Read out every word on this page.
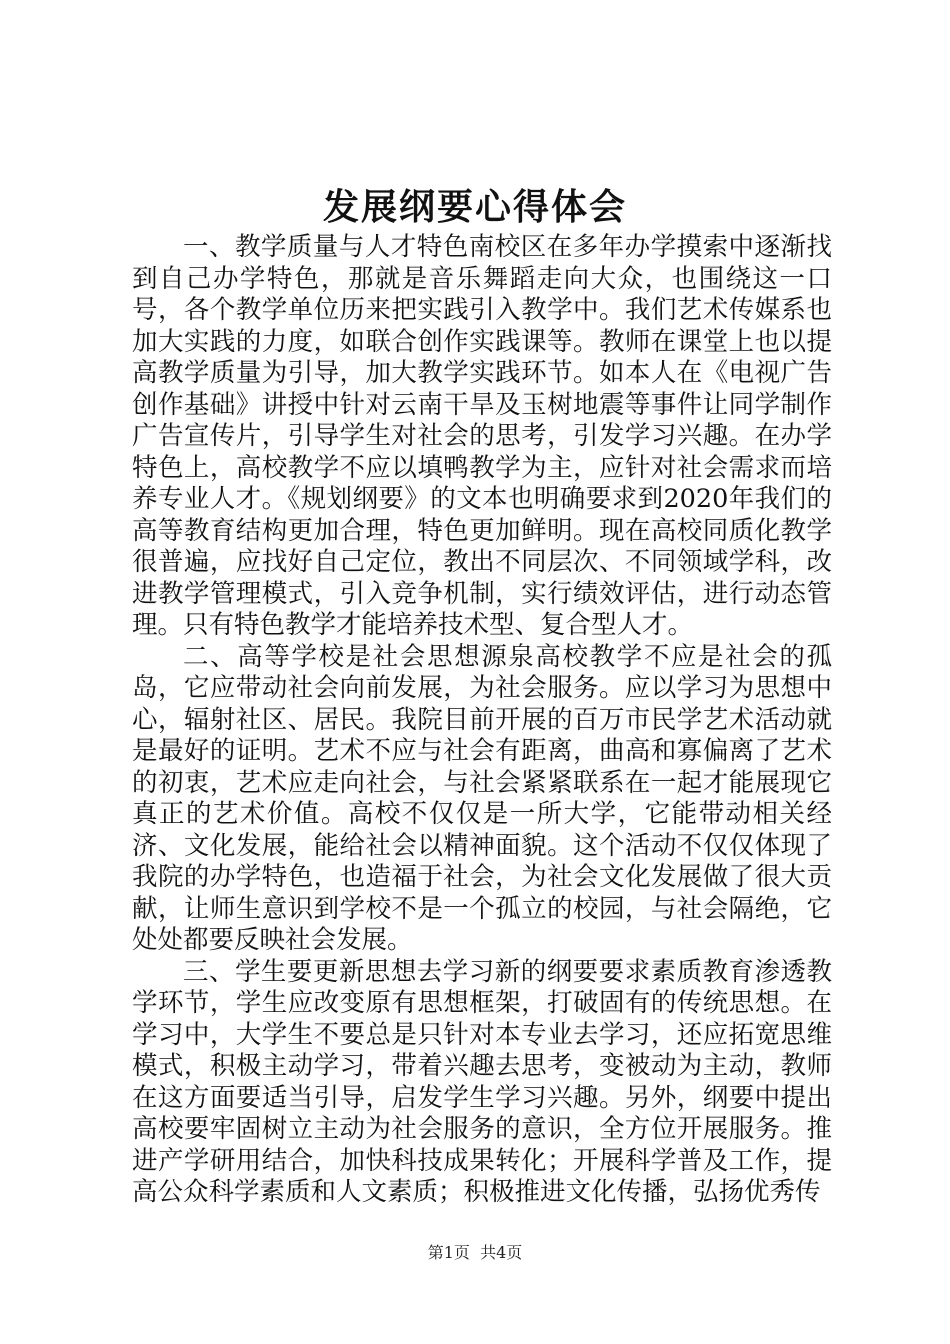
发展纲要心得体会

一、教学质量与人才特色南校区在多年办学摸索中逐渐找到自己办学特色，那就是音乐舞蹈走向大众，也围绕这一口号，各个教学单位历来把实践引入教学中。我们艺术传媒系也加大实践的力度，如联合创作实践课等。教师在课堂上也以提高教学质量为引导，加大教学实践环节。如本人在《电视广告创作基础》讲授中针对云南干旱及玉树地震等事件让同学制作广告宣传片，引导学生对社会的思考，引发学习兴趣。在办学特色上，高校教学不应以填鸭教学为主，应针对社会需求而培养专业人才。《规划纲要》的文本也明确要求到2020年我们的高等教育结构更加合理，特色更加鲜明。现在高校同质化教学很普遍，应找好自己定位，教出不同层次、不同领域学科，改进教学管理模式，引入竞争机制，实行绩效评估，进行动态管理。只有特色教学才能培养技术型、复合型人才。

二、高等学校是社会思想源泉高校教学不应是社会的孤岛，它应带动社会向前发展，为社会服务。应以学习为思想中心，辐射社区、居民。我院目前开展的百万市民学艺术活动就是最好的证明。艺术不应与社会有距离，曲高和寡偏离了艺术的初衷，艺术应走向社会，与社会紧紧联系在一起才能展现它真正的艺术价值。高校不仅仅是一所大学，它能带动相关经济、文化发展，能给社会以精神面貌。这个活动不仅仅体现了我院的办学特色，也造福于社会，为社会文化发展做了很大贡献，让师生意识到学校不是一个孤立的校园，与社会隔绝，它处处都要反映社会发展。

三、学生要更新思想去学习新的纲要要求素质教育渗透教学环节，学生应改变原有思想框架，打破固有的传统思想。在学习中，大学生不要总是只针对本专业去学习，还应拓宽思维模式，积极主动学习，带着兴趣去思考，变被动为主动，教师在这方面要适当引导，启发学生学习兴趣。另外，纲要中提出高校要牢固树立主动为社会服务的意识，全方位开展服务。推进产学研用结合，加快科技成果转化；开展科学普及工作，提高公众科学素质和人文素质；积极推进文化传播，弘扬优秀传

第1页  共4页
